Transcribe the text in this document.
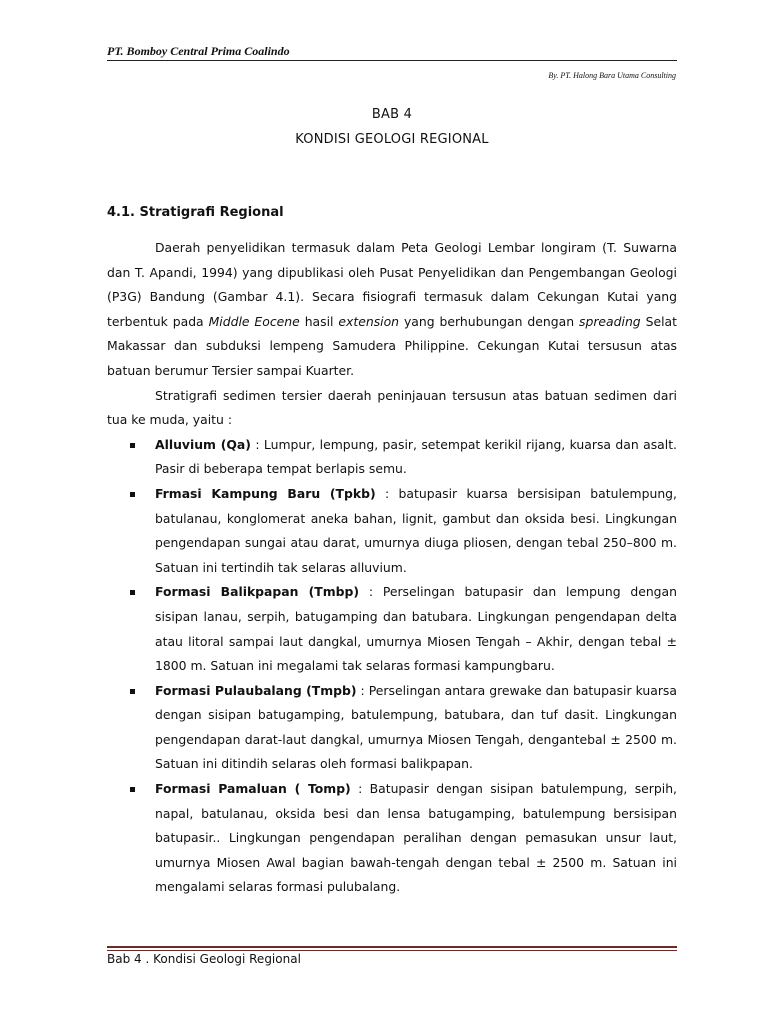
PT. Bomboy Central Prima Coalindo
By. PT. Halong Bara Utama Consulting
BAB 4
KONDISI GEOLOGI REGIONAL
4.1. Stratigrafi Regional

Daerah penyelidikan termasuk dalam Peta Geologi Lembar longiram (T. Suwarna dan T. Apandi, 1994) yang dipublikasi oleh Pusat Penyelidikan dan Pengembangan Geologi (P3G) Bandung (Gambar 4.1). Secara fisiografi termasuk dalam Cekungan Kutai yang terbentuk pada Middle Eocene hasil extension yang berhubungan dengan spreading Selat Makassar dan subduksi lempeng Samudera Philippine. Cekungan Kutai tersusun atas batuan berumur Tersier sampai Kuarter.

Stratigrafi sedimen tersier daerah peninjauan tersusun atas batuan sedimen dari tua ke muda, yaitu :

Alluvium (Qa) : Lumpur, lempung, pasir, setempat kerikil rijang, kuarsa dan asalt. Pasir di beberapa tempat berlapis semu.
Frmasi Kampung Baru (Tpkb) : batupasir kuarsa bersisipan batulempung, batulanau, konglomerat aneka bahan, lignit, gambut dan oksida besi. Lingkungan pengendapan sungai atau darat, umurnya diuga pliosen, dengan tebal 250–800 m. Satuan ini tertindih tak selaras alluvium.
Formasi Balikpapan (Tmbp) : Perselingan batupasir dan lempung dengan sisipan lanau, serpih, batugamping dan batubara. Lingkungan pengendapan delta atau litoral sampai laut dangkal, umurnya Miosen Tengah – Akhir, dengan tebal ± 1800 m. Satuan ini megalami tak selaras formasi kampungbaru.
Formasi Pulaubalang (Tmpb) : Perselingan antara grewake dan batupasir kuarsa dengan sisipan batugamping, batulempung, batubara, dan tuf dasit. Lingkungan pengendapan darat-laut dangkal, umurnya Miosen Tengah, dengantebal ± 2500 m. Satuan ini ditindih selaras oleh formasi balikpapan.
Formasi Pamaluan ( Tomp) : Batupasir dengan sisipan batulempung, serpih, napal, batulanau, oksida besi dan lensa batugamping, batulempung bersisipan batupasir.. Lingkungan pengendapan peralihan dengan pemasukan unsur laut, umurnya Miosen Awal bagian bawah-tengah dengan tebal ± 2500 m. Satuan ini mengalami selaras formasi pulubalang.
Bab 4 . Kondisi Geologi Regional
